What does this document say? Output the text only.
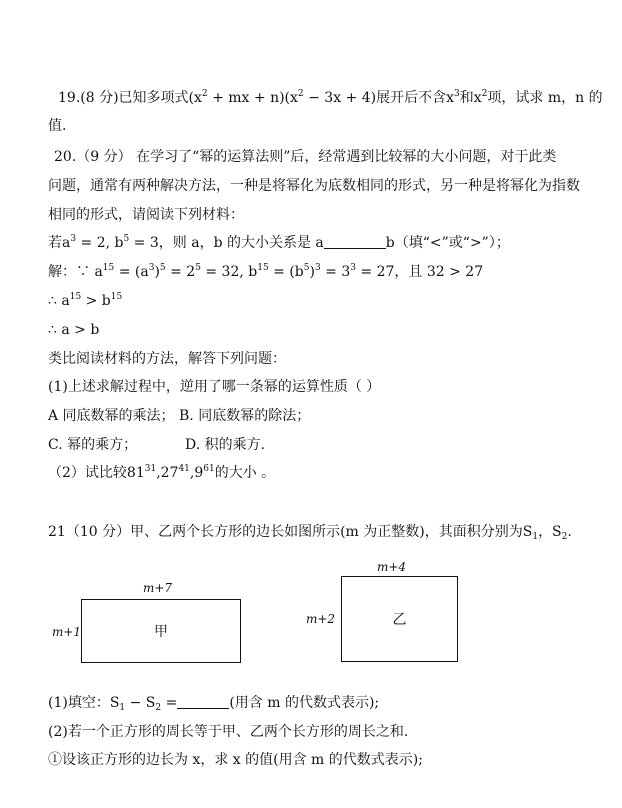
19.(8 分)已知多项式($x^2$ + mx + $n)(x^2 - 3x + 4)$展开后不含$x^3$和$x^2$项，试求 m，n 的
值.
20.（9 分） 在学习了“幂的运算法则”后，经常遇到比较幂的大小问题，对于此类
问题，通常有两种解决方法，一种是将幂化为底数相同的形式，另一种是将幂化为指数
相同的形式，请阅读下列材料：
若$a^3 = 2$, $b^5 = 3$，则 a，b 的大小关系是 a	b（填“<”或“>”）；
解：∵ $a^{15} = (a^3)^5 = 2^5 = 32$, $b^{15} = (b^5)^3 = 3^3 = 27$，且 32 > 27
∴ $a^{15} > b^{15}$
∴ a > b
类比阅读材料的方法，解答下列问题：
(1)上述求解过程中，逆用了哪一条幂的运算性质（ ）
A 同底数幂的乘法； B. 同底数幂的除法；
C. 幂的乘方；	D. 积的乘方.
（2）试比较$81^{31},27^{41},9^{61}$的大小 。
21（10 分）甲、乙两个长方形的边长如图所示(m 为正整数)，其面积分别为$S_1$，$S_2$.
m+7
m+1	甲
m+4
m+2	乙
(1)填空：$S_1 - S_2$ =	(用含 m 的代数式表示);
(2)若一个正方形的周长等于甲、乙两个长方形的周长之和.
①设该正方形的边长为 x，求 x 的值(用含 m 的代数式表示);
